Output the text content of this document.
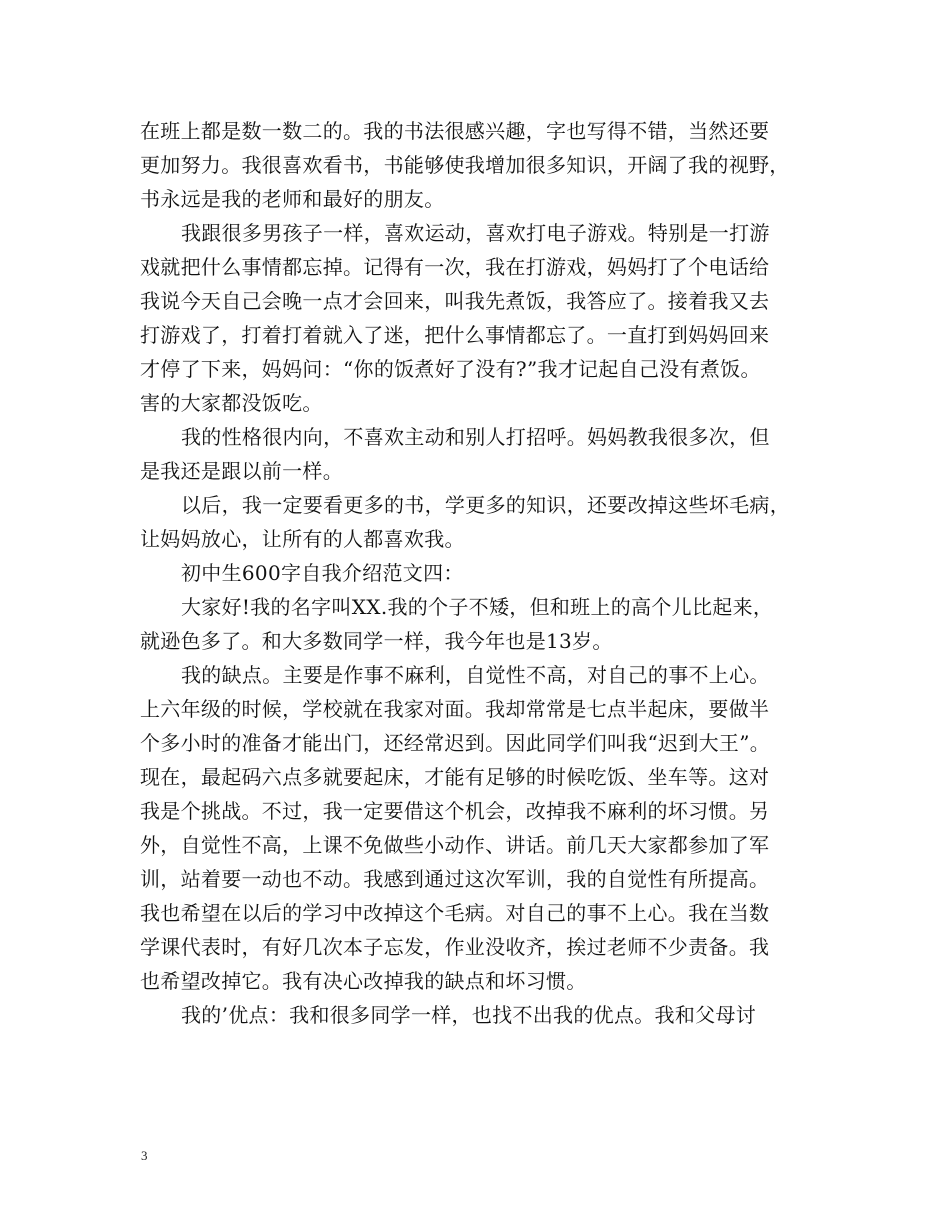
在班上都是数一数二的。我的书法很感兴趣，字也写得不错，当然还要
更加努力。我很喜欢看书，书能够使我增加很多知识，开阔了我的视野，
书永远是我的老师和最好的朋友。
我跟很多男孩子一样，喜欢运动，喜欢打电子游戏。特别是一打游
戏就把什么事情都忘掉。记得有一次，我在打游戏，妈妈打了个电话给
我说今天自己会晚一点才会回来，叫我先煮饭，我答应了。接着我又去
打游戏了，打着打着就入了迷，把什么事情都忘了。一直打到妈妈回来
才停了下来，妈妈问：“你的饭煮好了没有?”我才记起自己没有煮饭。
害的大家都没饭吃。
我的性格很内向，不喜欢主动和别人打招呼。妈妈教我很多次，但
是我还是跟以前一样。
以后，我一定要看更多的书，学更多的知识，还要改掉这些坏毛病，
让妈妈放心，让所有的人都喜欢我。
初中生600字自我介绍范文四：
大家好!我的名字叫XX.我的个子不矮，但和班上的高个儿比起来，
就逊色多了。和大多数同学一样，我今年也是13岁。
我的缺点。主要是作事不麻利，自觉性不高，对自己的事不上心。
上六年级的时候，学校就在我家对面。我却常常是七点半起床，要做半
个多小时的准备才能出门，还经常迟到。因此同学们叫我“迟到大王”。
现在，最起码六点多就要起床，才能有足够的时候吃饭、坐车等。这对
我是个挑战。不过，我一定要借这个机会，改掉我不麻利的坏习惯。另
外，自觉性不高，上课不免做些小动作、讲话。前几天大家都参加了军
训，站着要一动也不动。我感到通过这次军训，我的自觉性有所提高。
我也希望在以后的学习中改掉这个毛病。对自己的事不上心。我在当数
学课代表时，有好几次本子忘发，作业没收齐，挨过老师不少责备。我
也希望改掉它。我有决心改掉我的缺点和坏习惯。
我的’优点：我和很多同学一样，也找不出我的优点。我和父母讨
3
